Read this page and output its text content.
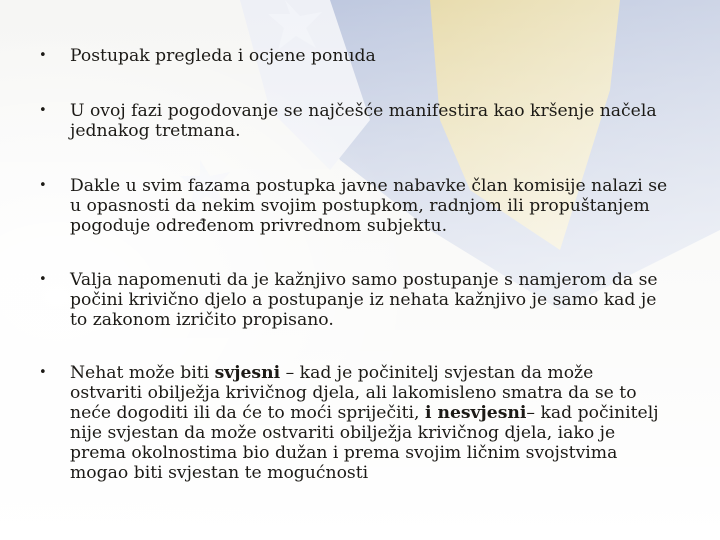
• Postupak pregleda i ocjene ponuda
• U ovoj fazi pogodovanje se najčešće manifestira kao kršenje načela jednakog tretmana.
• Dakle u svim fazama postupka javne nabavke član komisije nalazi se u opasnosti da nekim svojim postupkom, radnjom ili propuštanjem pogoduje određenom privrednom subjektu.
• Valja napomenuti da je kažnjivo samo postupanje s namjerom da se počini krivično djelo a postupanje iz nehata kažnjivo je samo kad je to zakonom izričito propisano.
• Nehat može biti svjesni – kad je počinitelj svjestan da može ostvariti obilježja krivičnog djela, ali lakomisleno smatra da se to neće dogoditi ili da će to moći spriječiti, i nesvjesni– kad počinitelj nije svjestan da može ostvariti obilježja krivičnog djela, iako je prema okolnostima bio dužan i prema svojim ličnim svojstvima mogao biti svjestan te mogućnosti
